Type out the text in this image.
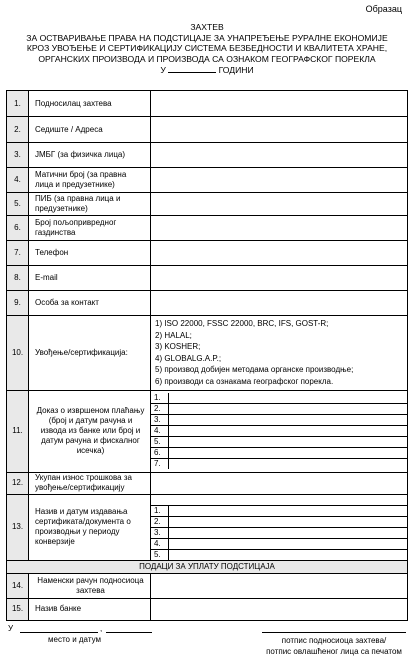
Образац
ЗАХТЕВ
ЗА ОСТВАРИВАЊЕ ПРАВА НА ПОДСТИЦАЈЕ ЗА УНАПРЕЂЕЊЕ РУРАЛНЕ ЕКОНОМИЈЕ
КРОЗ УВОЂЕЊЕ И СЕРТИФИКАЦИЈУ СИСТЕМА БЕЗБЕДНОСТИ И КВАЛИТЕТА ХРАНЕ,
ОРГАНСКИХ ПРОИЗВОДА И ПРОИЗВОДА СА ОЗНАКОМ ГЕОГРАФСКОГ ПОРЕКЛА
У	ГОДИНИ
1.	Подносилац захтева	
2.	Седиште / Адреса	
3.	ЈМБГ (за физичка лица)	
4.	Матични број (за правна лица и предузетнике)	
5.	ПИБ (за правна лица и предузетнике)	
6.	Број пољопривредног газдинства	
7.	Телефон	
8.	E-mail	
9.	Особа за контакт	
10.	Увођење/сертификација:	
1) ISO 22000, FSSC 22000, BRC, IFS, GOST-R;
2) HALAL;
3) KOSHER;
4) GLOBALG.A.P.;
5) производ добијен методама органске производње;
6) производи са ознакама географског порекла.

11.	Доказ о извршеном плаћању (број и датум рачуна и извода из банке или број и датум рачуна и фискалног исечка)	
1.	
2.	
3.	
4.	
5.	
6.	
7.	

12.	Укупан износ трошкова за увођење/сертификацију	
13.	Назив и датум издавања сертификата/документа о производњи у периоду конверзије	
1.	
2.	
3.	
4.	
5.	

ПОДАЦИ ЗА УПЛАТУ ПОДСТИЦАЈА
14.	Наменски рачун подносиоца захтева	
15.	Назив банке	
У	,
место и датум	потпис подносиоца захтева/
потпис овлашћеног лица са печатом
